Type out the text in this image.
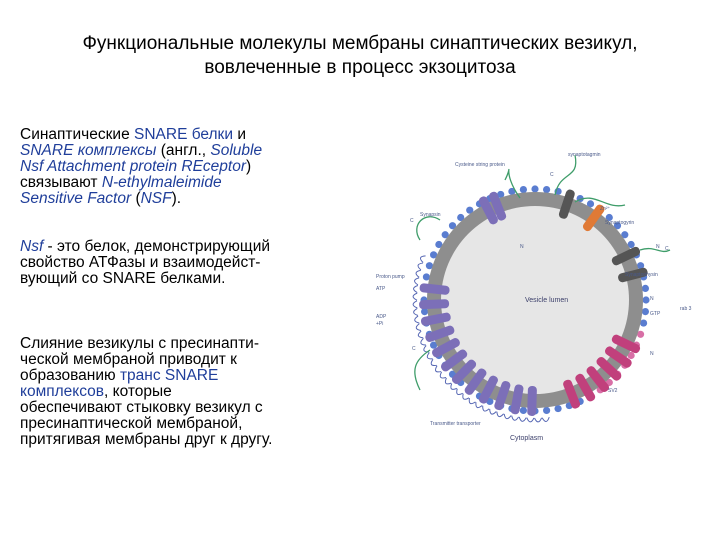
Функциональные молекулы мембраны синаптических везикул,
вовлеченные в процесс экзоцитоза
Синаптические SNARE белки и
SNARE комплексы (англ., Soluble
Nsf Attachment protein REceptor)
связывают N-ethylmaleimide
Sensitive Factor (NSF).
Nsf - это белок, демонстрирующий
свойство АТФазы и взаимодейст-
вующий со SNARE белками.
Слияние везикулы с пресинапти-
ческой мембраной приводит к
образованию транс SNARE
комплексов, которые
обеспечивают стыковку везикул с
пресинаптической мембраной,
притягивая мембраны друг к другу.
Vesicle lumen
Cytoplasm
Cysteine string protein
synaptotagmin
Synapsin
Synaptogyrin
Synaptophysin
Proton pump
ATP
ADP
+Pi
Transmitter transporter
rab 3
GTP
SV2
Zn²⁺
N	N
C
C
C
C
N
N
